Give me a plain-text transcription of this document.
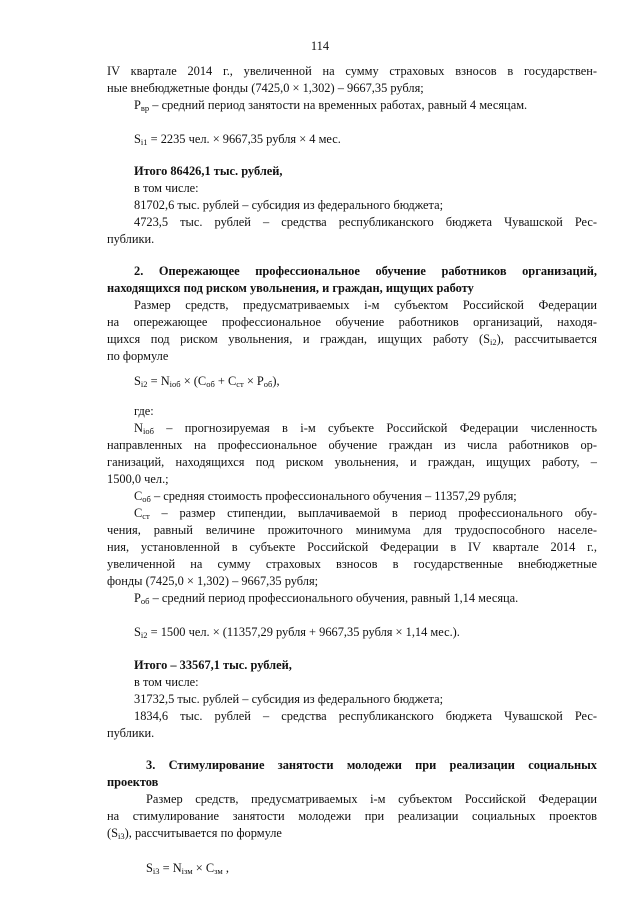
114
IV кварталe 2014 г., увеличенной на сумму страховых взносов в государствен-
ные внебюджетные фонды (7425,0 × 1,302) – 9667,35 рубля;
$P_{вр}$ – средний период занятости на временных работах, равный 4 месяцам.
$S_{i1} = 2235$ чел. × 9667,35 рубля × 4 мес.
Итого 86426,1 тыс. рублей,
в том числе:
81702,6 тыс. рублей – субсидия из федерального бюджета;
4723,5 тыс. рублей – средства республиканского бюджета Чувашской Рес-
публики.
2. Опережающее профессиональное обучение работников организаций,
находящихся под риском увольнения, и граждан, ищущих работу
Размер средств, предусматриваемых i-м субъектом Российской Федерации
на опережающее профессиональное обучение работников организаций, находя-
щихся под риском увольнения, и граждан, ищущих работу $(S_{i2})$, рассчитывается
по формуле
$S_{i2} = N_{iоб} \times (C_{об} + C_{ст} \times P_{об})$,
где:
$N_{iоб}$ – прогнозируемая в i-м субъекте Российской Федерации численность
направленных на профессиональное обучение граждан из числа работников ор-
ганизаций, находящихся под риском увольнения, и граждан, ищущих работу, –
1500,0 чел.;
$C_{об}$ – средняя стоимость профессионального обучения – 11357,29 рубля;
$C_{ст}$ – размер стипендии, выплачиваемой в период профессионального обу-
чения, равный величине прожиточного минимума для трудоспособного населе-
ния, установленной в субъекте Российской Федерации в IV квартале 2014 г.,
увеличенной на сумму страховых взносов в государственные внебюджетные
фонды (7425,0 × 1,302) – 9667,35 рубля;
$P_{об}$ – средний период профессионального обучения, равный 1,14 месяца.
$S_{i2} = 1500$ чел. × (11357,29 рубля + 9667,35 рубля × 1,14 мес.).
Итого – 33567,1 тыс. рублей,
в том числе:
31732,5 тыс. рублей – субсидия из федерального бюджета;
1834,6 тыс. рублей – средства республиканского бюджета Чувашской Рес-
публики.
3. Стимулирование занятости молодежи при реализации социальных
проектов
Размер средств, предусматриваемых i-м субъектом Российской Федерации
на стимулирование занятости молодежи при реализации социальных проектов
$(S_{i3})$, рассчитывается по формуле
$S_{i3} = N_{iзм} \times C_{зм}$ ,
